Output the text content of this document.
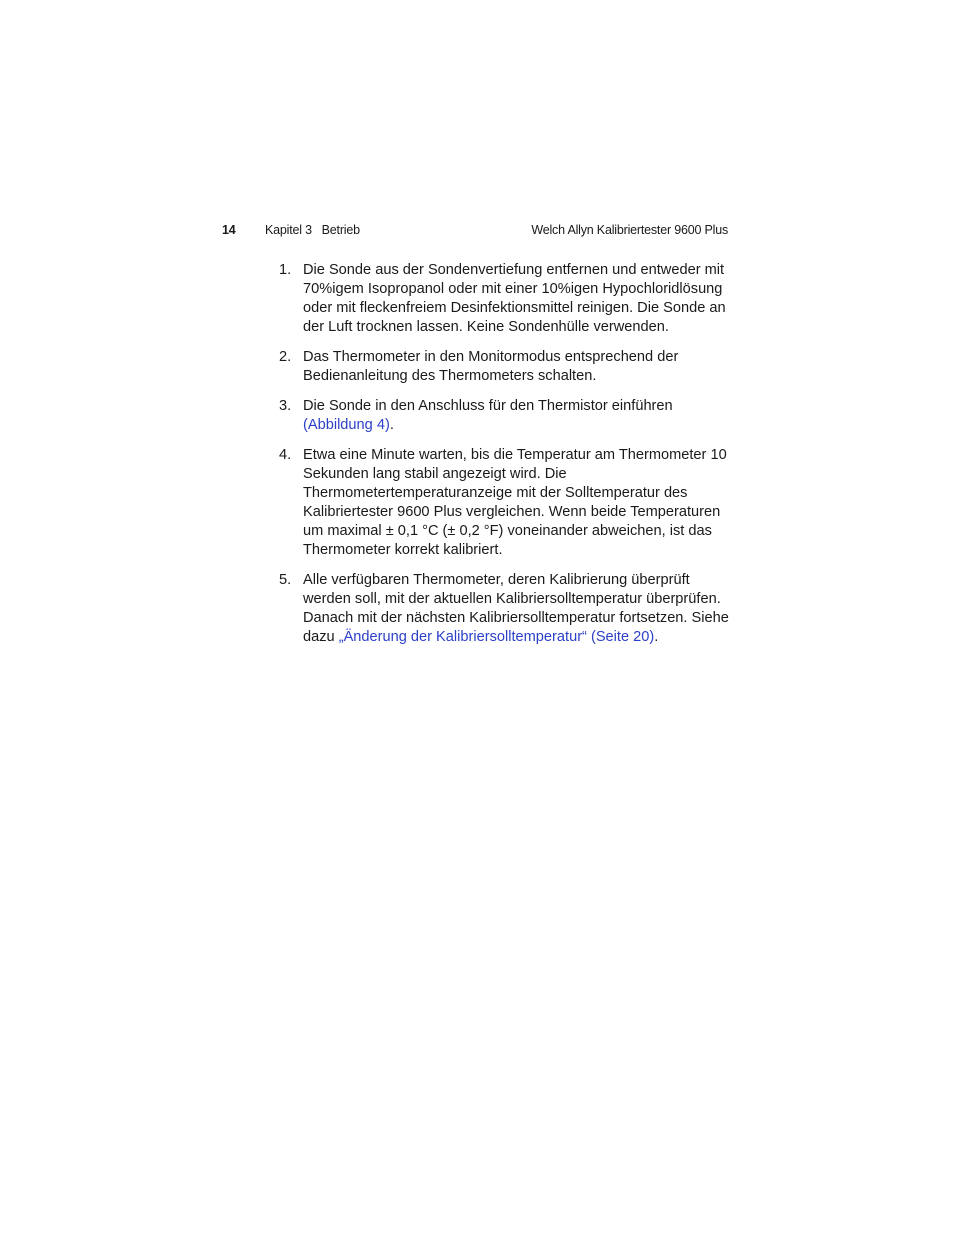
14 Kapitel 3   Betrieb	Welch Allyn Kalibriertester 9600 Plus
1. Die Sonde aus der Sondenvertiefung entfernen und entweder mit 70%igem Isopropanol oder mit einer 10%igen Hypochloridlösung oder mit fleckenfreiem Desinfektionsmittel reinigen. Die Sonde an der Luft trocknen lassen. Keine Sondenhülle verwenden.
2. Das Thermometer in den Monitormodus entsprechend der Bedienanleitung des Thermometers schalten.
3. Die Sonde in den Anschluss für den Thermistor einführen (Abbildung 4).
4. Etwa eine Minute warten, bis die Temperatur am Thermometer 10 Sekunden lang stabil angezeigt wird. Die Thermometertemperaturanzeige mit der Solltemperatur des Kalibriertester 9600 Plus vergleichen. Wenn beide Temperaturen um maximal ± 0,1 °C (± 0,2 °F) voneinander abweichen, ist das Thermometer korrekt kalibriert.
5. Alle verfügbaren Thermometer, deren Kalibrierung überprüft werden soll, mit der aktuellen Kalibriersolltemperatur überprüfen. Danach mit der nächsten Kalibriersolltemperatur fortsetzen. Siehe dazu „Änderung der Kalibriersolltemperatur“ (Seite 20).
